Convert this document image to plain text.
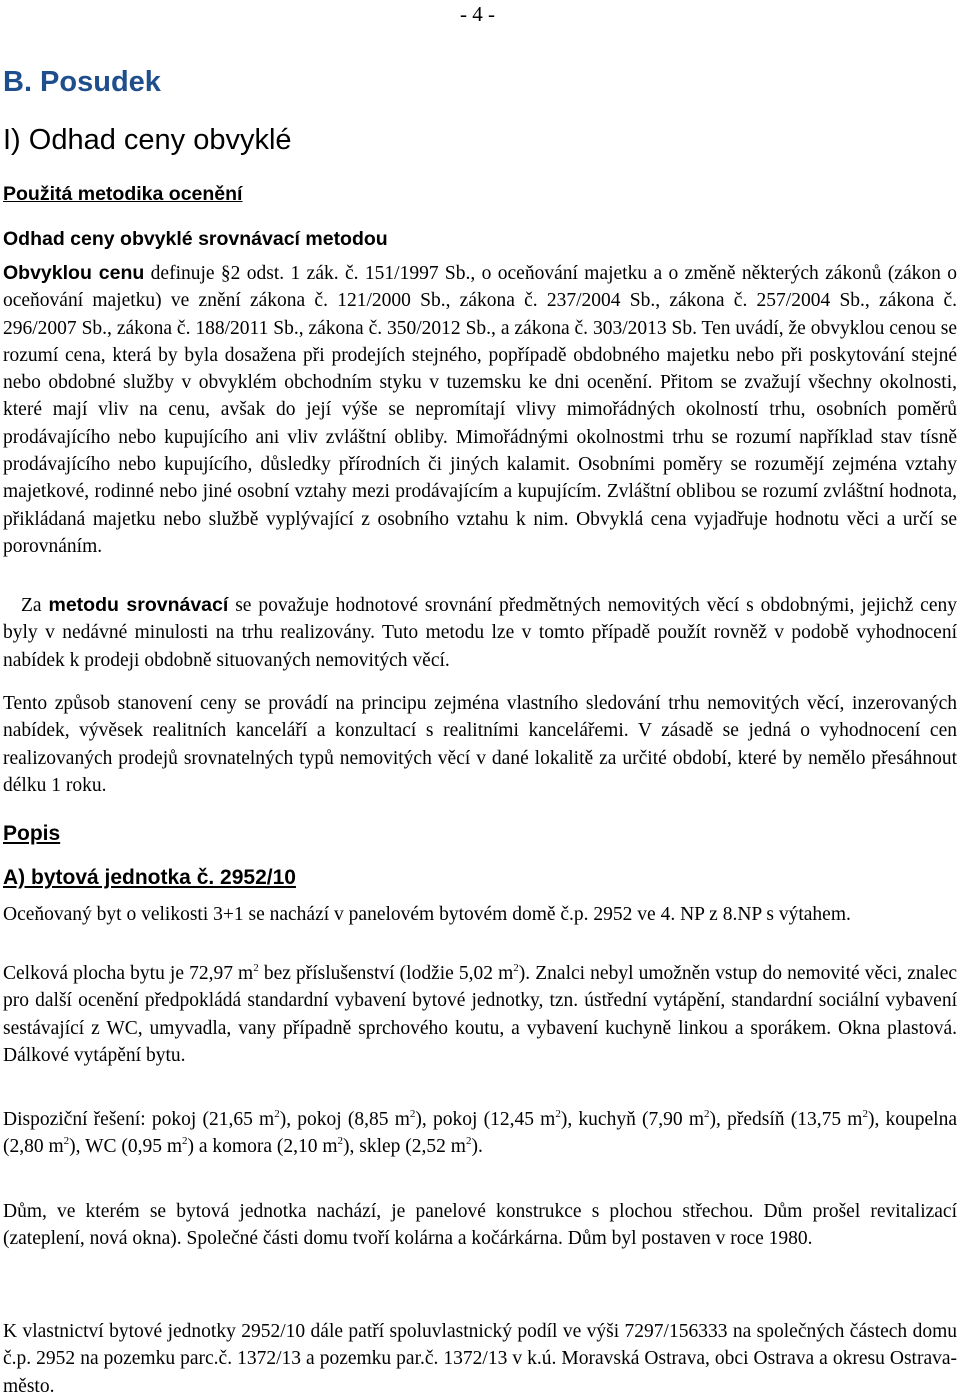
- 4 -
B. Posudek
I) Odhad ceny obvyklé
Použitá metodika ocenění
Odhad ceny obvyklé srovnávací metodou

Obvyklou cenu definuje §2 odst. 1 zák. č. 151/1997 Sb., o oceňování majetku a o změně některých zákonů (zákon o oceňování majetku) ve znění zákona č. 121/2000 Sb., zákona č. 237/2004 Sb., zákona č. 257/2004 Sb., zákona č. 296/2007 Sb., zákona č. 188/2011 Sb., zákona č. 350/2012 Sb., a zákona č. 303/2013 Sb. Ten uvádí, že obvyklou cenou se rozumí cena, která by byla dosažena při prodejích stejného, popřípadě obdobného majetku nebo při poskytování stejné nebo obdobné služby v obvyklém obchodním styku v tuzemsku ke dni ocenění. Přitom se zvažují všechny okolnosti, které mají vliv na cenu, avšak do její výše se nepromítají vlivy mimořádných okolností trhu, osobních poměrů prodávajícího nebo kupujícího ani vliv zvláštní obliby. Mimořádnými okolnostmi trhu se rozumí například stav tísně prodávajícího nebo kupujícího, důsledky přírodních či jiných kalamit. Osobními poměry se rozumějí zejména vztahy majetkové, rodinné nebo jiné osobní vztahy mezi prodávajícím a kupujícím. Zvláštní oblibou se rozumí zvláštní hodnota, přikládaná majetku nebo službě vyplývající z osobního vztahu k nim. Obvyklá cena vyjadřuje hodnotu věci a určí se porovnáním.

Za metodu srovnávací se považuje hodnotové srovnání předmětných nemovitých věcí s obdobnými, jejichž ceny byly v nedávné minulosti na trhu realizovány. Tuto metodu lze v tomto případě použít rovněž v podobě vyhodnocení nabídek k prodeji obdobně situovaných nemovitých věcí.

Tento způsob stanovení ceny se provádí na principu zejména vlastního sledování trhu nemovitých věcí, inzerovaných nabídek, vývěsek realitních kanceláří a konzultací s realitními kancelářemi. V zásadě se jedná o vyhodnocení cen realizovaných prodejů srovnatelných typů nemovitých věcí v dané lokalitě za určité období, které by nemělo přesáhnout délku 1 roku.

Popis
A) bytová jednotka č. 2952/10

Oceňovaný byt o velikosti 3+1 se nachází v panelovém bytovém domě č.p. 2952 ve 4. NP z 8.NP s výtahem.

Celková plocha bytu je 72,97 $m^2$ bez příslušenství (lodžie 5,02 $m^2$). Znalci nebyl umožněn vstup do nemovité věci, znalec pro další ocenění předpokládá standardní vybavení bytové jednotky, tzn. ústřední vytápění, standardní sociální vybavení sestávající z WC, umyvadla, vany případně sprchového koutu, a vybavení kuchyně linkou a sporákem. Okna plastová. Dálkové vytápění bytu.

Dispoziční řešení: pokoj (21,65 $m^2$), pokoj (8,85 $m^2$), pokoj (12,45 $m^2$), kuchyň (7,90 $m^2$), předsíň (13,75 $m^2$), koupelna (2,80 $m^2$), WC (0,95 $m^2$) a komora (2,10 $m^2$), sklep (2,52 $m^2$).

Dům, ve kterém se bytová jednotka nachází, je panelové konstrukce s plochou střechou. Dům prošel revitalizací (zateplení, nová okna). Společné části domu tvoří kolárna a kočárkárna. Dům byl postaven v roce 1980.

K vlastnictví bytové jednotky 2952/10 dále patří spoluvlastnický podíl ve výši 7297/156333 na společných částech domu č.p. 2952 na pozemku parc.č. 1372/13 a pozemku par.č. 1372/13 v k.ú. Moravská Ostrava, obci Ostrava a okresu Ostrava-město.
